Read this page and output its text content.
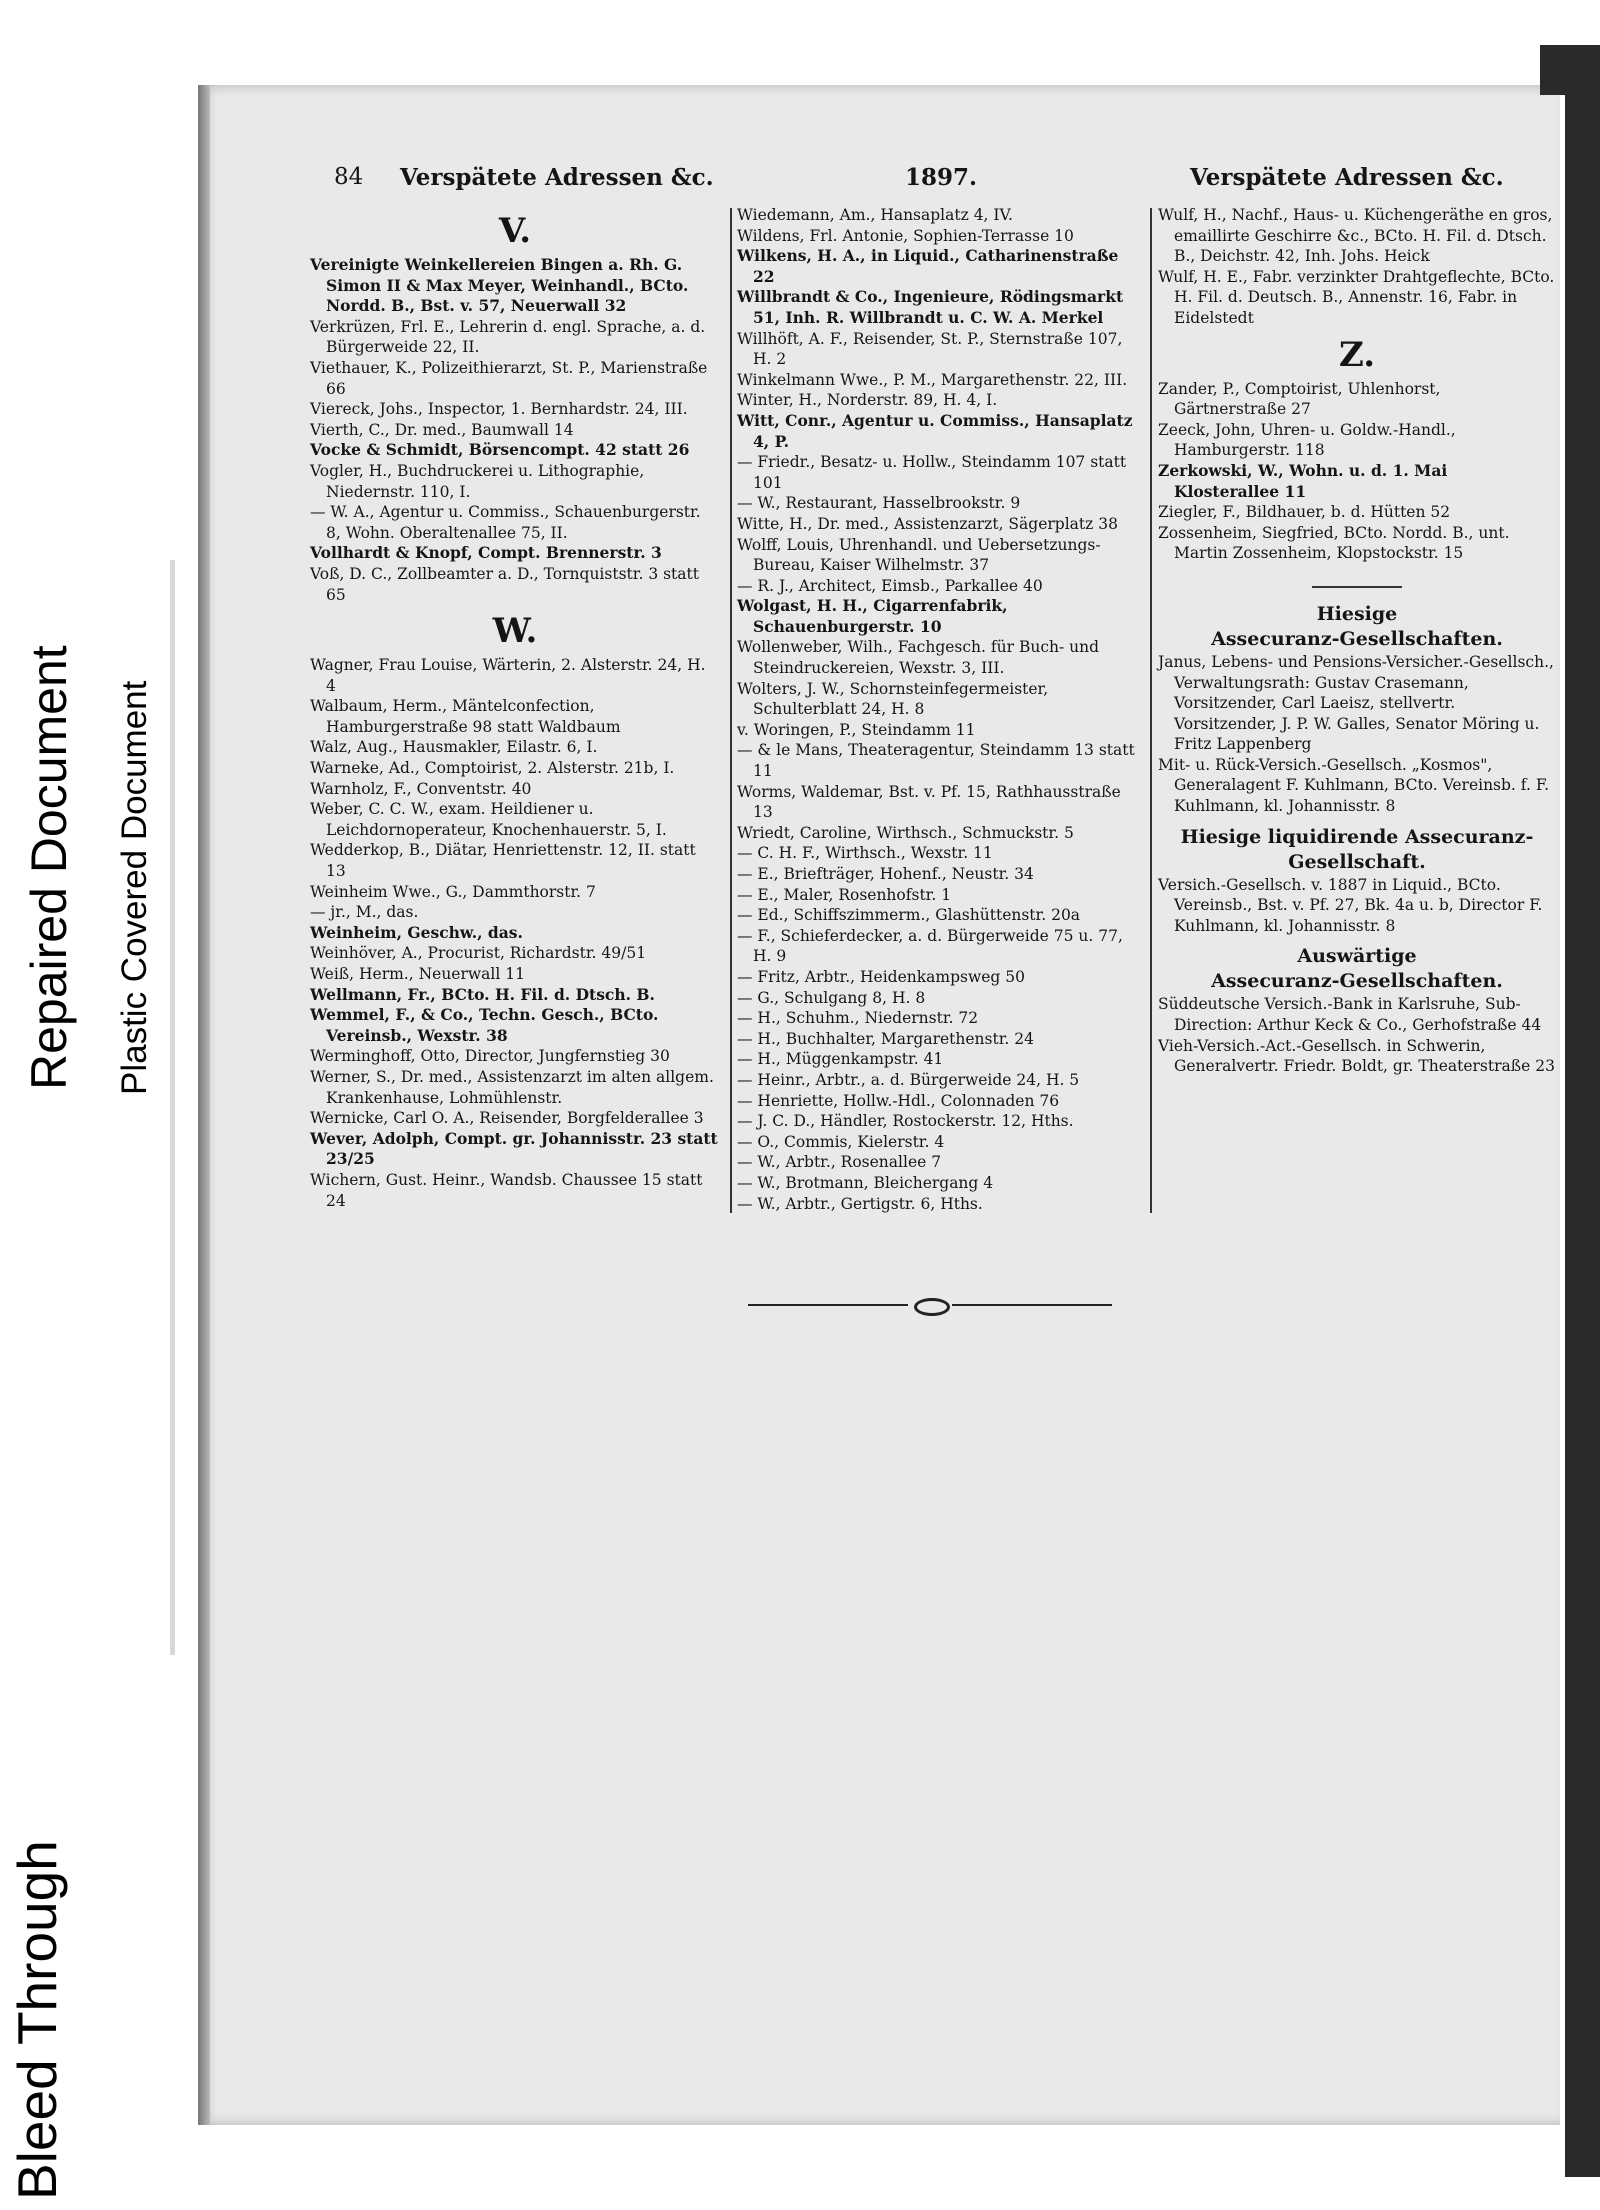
Bleed Through
Repaired Document Plastic Covered Document
84 Verspätete Adressen &c.	1897.	Verspätete Adressen &c.
V.
Vereinigte Weinkellereien Bingen a. Rh. G. Simon II & Max Meyer, Weinhandl., BCto. Nordd. B., Bst. v. 57, Neuerwall 32
Verkrüzen, Frl. E., Lehrerin d. engl. Sprache, a. d. Bürgerweide 22, II.
Viethauer, K., Polizeithierarzt, St. P., Marienstraße 66
Viereck, Johs., Inspector, 1. Bernhardstr. 24, III.
Vierth, C., Dr. med., Baumwall 14
Vocke & Schmidt, Börsencompt. 42 statt 26
Vogler, H., Buchdruckerei u. Lithographie, Niedernstr. 110, I.
— W. A., Agentur u. Commiss., Schauenburgerstr. 8, Wohn. Oberaltenallee 75, II.
Vollhardt & Knopf, Compt. Brennerstr. 3
Voß, D. C., Zollbeamter a. D., Tornquiststr. 3 statt 65
W.
Wagner, Frau Louise, Wärterin, 2. Alsterstr. 24, H. 4
Walbaum, Herm., Mäntelconfection, Hamburgerstraße 98 statt Waldbaum
Walz, Aug., Hausmakler, Eilastr. 6, I.
Warneke, Ad., Comptoirist, 2. Alsterstr. 21b, I.
Warnholz, F., Conventstr. 40
Weber, C. C. W., exam. Heildiener u. Leichdornoperateur, Knochenhauerstr. 5, I.
Wedderkop, B., Diätar, Henriettenstr. 12, II. statt 13
Weinheim Wwe., G., Dammthorstr. 7
— jr., M., das.
Weinheim, Geschw., das.
Weinhöver, A., Procurist, Richardstr. 49/51
Weiß, Herm., Neuerwall 11
Wellmann, Fr., BCto. H. Fil. d. Dtsch. B.
Wemmel, F., & Co., Techn. Gesch., BCto. Vereinsb., Wexstr. 38
Werminghoff, Otto, Director, Jungfernstieg 30
Werner, S., Dr. med., Assistenzarzt im alten allgem. Krankenhause, Lohmühlenstr.
Wernicke, Carl O. A., Reisender, Borgfelderallee 3
Wever, Adolph, Compt. gr. Johannisstr. 23 statt 23/25
Wichern, Gust. Heinr., Wandsb. Chaussee 15 statt 24
Wiedemann, Am., Hansaplatz 4, IV.
Wildens, Frl. Antonie, Sophien-Terrasse 10
Wilkens, H. A., in Liquid., Catharinenstraße 22
Willbrandt & Co., Ingenieure, Rödingsmarkt 51, Inh. R. Willbrandt u. C. W. A. Merkel
Willhöft, A. F., Reisender, St. P., Sternstraße 107, H. 2
Winkelmann Wwe., P. M., Margarethenstr. 22, III.
Winter, H., Norderstr. 89, H. 4, I.
Witt, Conr., Agentur u. Commiss., Hansaplatz 4, P.
— Friedr., Besatz- u. Hollw., Steindamm 107 statt 101
— W., Restaurant, Hasselbrookstr. 9
Witte, H., Dr. med., Assistenzarzt, Sägerplatz 38
Wolff, Louis, Uhrenhandl. und Uebersetzungs-Bureau, Kaiser Wilhelmstr. 37
— R. J., Architect, Eimsb., Parkallee 40
Wolgast, H. H., Cigarrenfabrik, Schauenburgerstr. 10
Wollenweber, Wilh., Fachgesch. für Buch- und Steindruckereien, Wexstr. 3, III.
Wolters, J. W., Schornsteinfegermeister, Schulterblatt 24, H. 8
v. Woringen, P., Steindamm 11
— & le Mans, Theateragentur, Steindamm 13 statt 11
Worms, Waldemar, Bst. v. Pf. 15, Rathhausstraße 13
Wriedt, Caroline, Wirthsch., Schmuckstr. 5
— C. H. F., Wirthsch., Wexstr. 11
— E., Briefträger, Hohenf., Neustr. 34
— E., Maler, Rosenhofstr. 1
— Ed., Schiffszimmerm., Glashüttenstr. 20a
— F., Schieferdecker, a. d. Bürgerweide 75 u. 77, H. 9
— Fritz, Arbtr., Heidenkampsweg 50
— G., Schulgang 8, H. 8
— H., Schuhm., Niedernstr. 72
— H., Buchhalter, Margarethenstr. 24
— H., Müggenkampstr. 41
— Heinr., Arbtr., a. d. Bürgerweide 24, H. 5
— Henriette, Hollw.-Hdl., Colonnaden 76
— J. C. D., Händler, Rostockerstr. 12, Hths.
— O., Commis, Kielerstr. 4
— W., Arbtr., Rosenallee 7
— W., Brotmann, Bleichergang 4
— W., Arbtr., Gertigstr. 6, Hths.
Wulf, H., Nachf., Haus- u. Küchengeräthe en gros, emaillirte Geschirre &c., BCto. H. Fil. d. Dtsch. B., Deichstr. 42, Inh. Johs. Heick
Wulf, H. E., Fabr. verzinkter Drahtgeflechte, BCto. H. Fil. d. Deutsch. B., Annenstr. 16, Fabr. in Eidelstedt
Z.
Zander, P., Comptoirist, Uhlenhorst, Gärtnerstraße 27
Zeeck, John, Uhren- u. Goldw.-Handl., Hamburgerstr. 118
Zerkowski, W., Wohn. u. d. 1. Mai Klosterallee 11
Ziegler, F., Bildhauer, b. d. Hütten 52
Zossenheim, Siegfried, BCto. Nordd. B., unt. Martin Zossenheim, Klopstockstr. 15
Hiesige
Assecuranz-Gesellschaften.
Janus, Lebens- und Pensions-Versicher.-Gesellsch., Verwaltungsrath: Gustav Crasemann, Vorsitzender, Carl Laeisz, stellvertr. Vorsitzender, J. P. W. Galles, Senator Möring u. Fritz Lappenberg
Mit- u. Rück-Versich.-Gesellsch. „Kosmos", Generalagent F. Kuhlmann, BCto. Vereinsb. f. F. Kuhlmann, kl. Johannisstr. 8
Hiesige liquidirende Assecuranz-
Gesellschaft.
Versich.-Gesellsch. v. 1887 in Liquid., BCto. Vereinsb., Bst. v. Pf. 27, Bk. 4a u. b, Director F. Kuhlmann, kl. Johannisstr. 8
Auswärtige
Assecuranz-Gesellschaften.
Süddeutsche Versich.-Bank in Karlsruhe, Sub-Direction: Arthur Keck & Co., Gerhofstraße 44
Vieh-Versich.-Act.-Gesellsch. in Schwerin, Generalvertr. Friedr. Boldt, gr. Theaterstraße 23
